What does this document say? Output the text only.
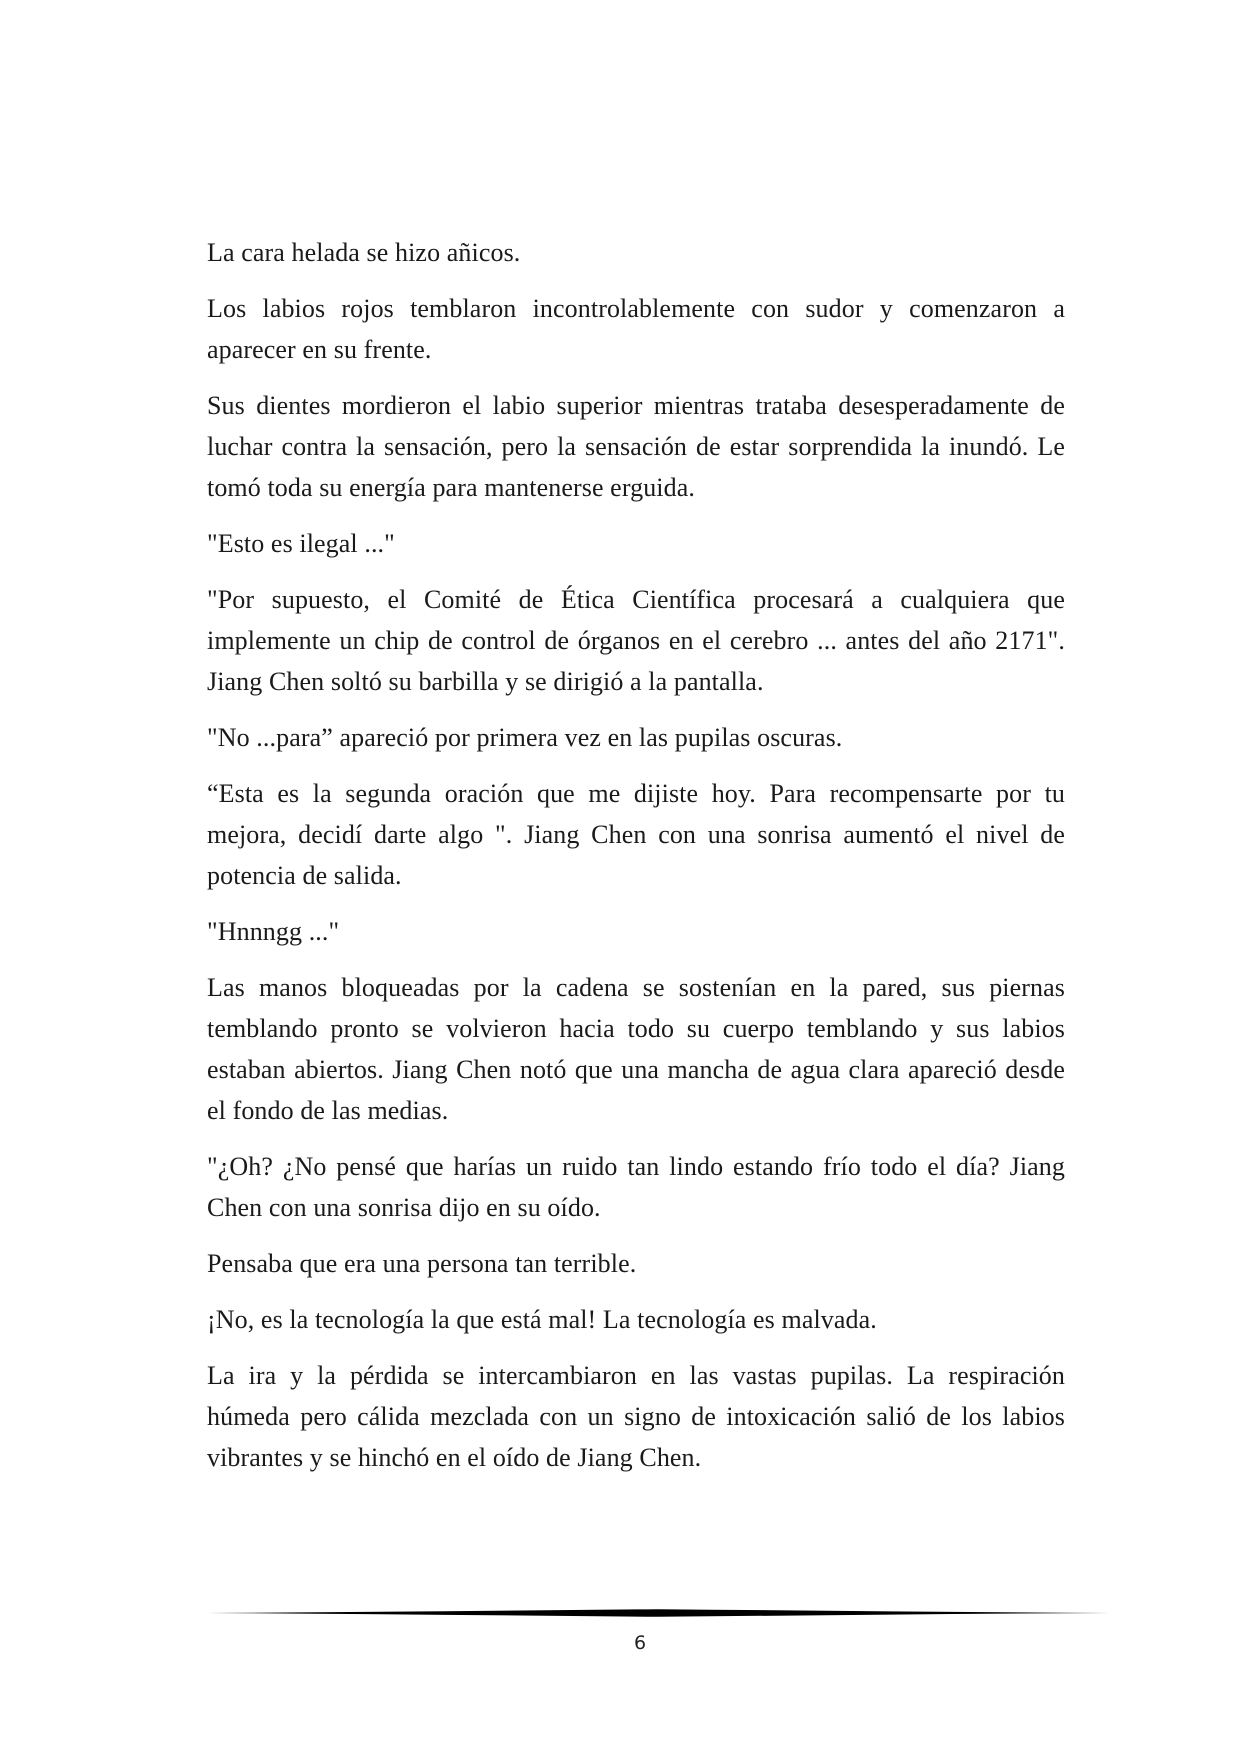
La cara helada se hizo añicos.

Los labios rojos temblaron incontrolablemente con sudor y comenzaron a aparecer en su frente.

Sus dientes mordieron el labio superior mientras trataba desesperadamente de luchar contra la sensación, pero la sensación de estar sorprendida la inundó. Le tomó toda su energía para mantenerse erguida.

"Esto es ilegal ..."

"Por supuesto, el Comité de Ética Científica procesará a cualquiera que implemente un chip de control de órganos en el cerebro ... antes del año 2171". Jiang Chen soltó su barbilla y se dirigió a la pantalla.

"No ...para” apareció por primera vez en las pupilas oscuras.

“Esta es la segunda oración que me dijiste hoy. Para recompensarte por tu mejora, decidí darte algo ". Jiang Chen con una sonrisa aumentó el nivel de potencia de salida.

"Hnnngg ..."

Las manos bloqueadas por la cadena se sostenían en la pared, sus piernas temblando pronto se volvieron hacia todo su cuerpo temblando y sus labios estaban abiertos. Jiang Chen notó que una mancha de agua clara apareció desde el fondo de las medias.

"¿Oh? ¿No pensé que harías un ruido tan lindo estando frío todo el día? Jiang Chen con una sonrisa dijo en su oído.

Pensaba que era una persona tan terrible.

¡No, es la tecnología la que está mal! La tecnología es malvada.

La ira y la pérdida se intercambiaron en las vastas pupilas. La respiración húmeda pero cálida mezclada con un signo de intoxicación salió de los labios vibrantes y se hinchó en el oído de Jiang Chen.

6
